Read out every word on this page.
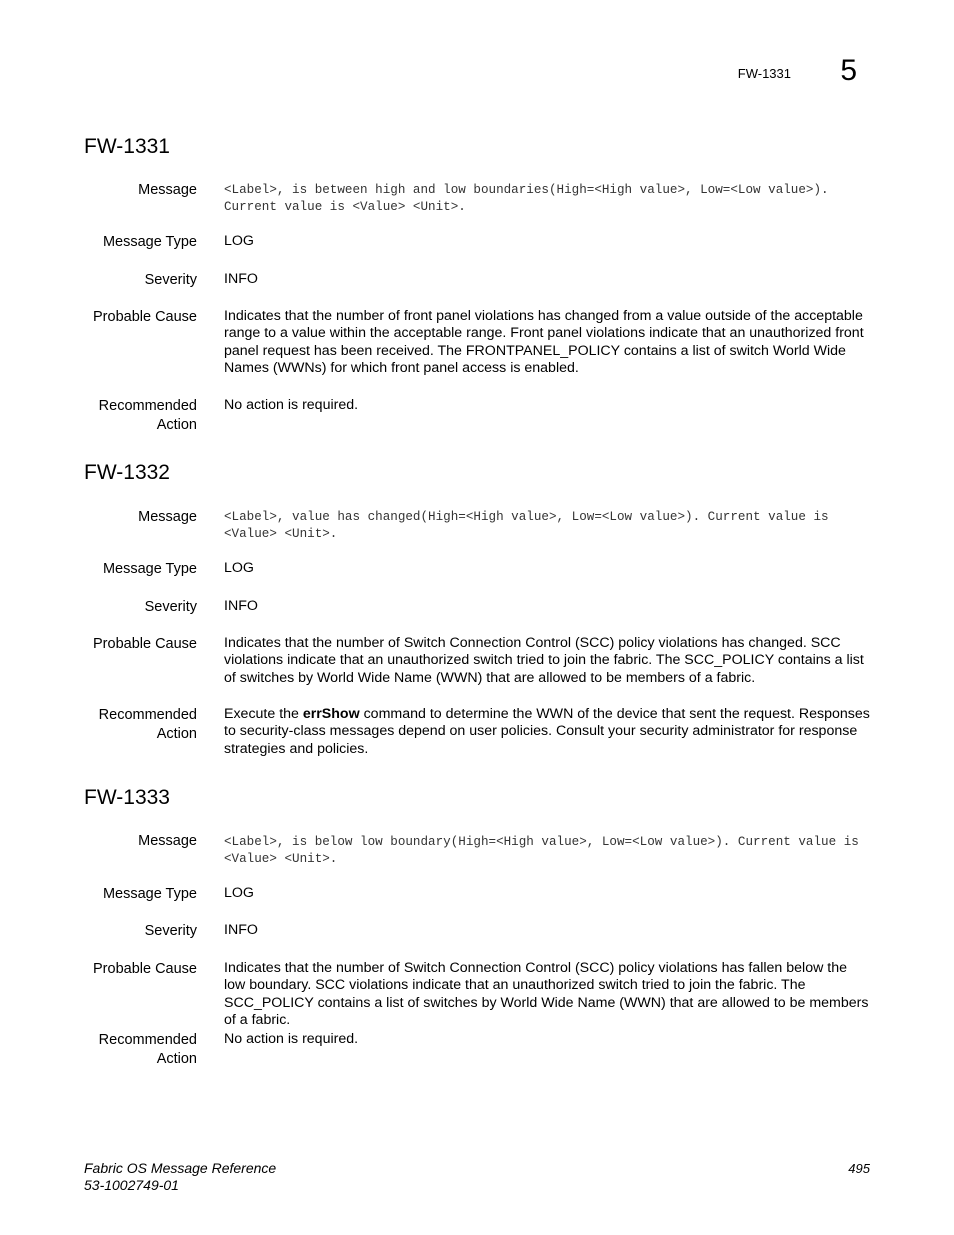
FW-1331 5
FW-1331
Message <Label>, is between high and low boundaries(High=<High value>, Low=<Low value>). Current value is <Value> <Unit>.
Message Type LOG
Severity INFO
Probable Cause Indicates that the number of front panel violations has changed from a value outside of the acceptable range to a value within the acceptable range. Front panel violations indicate that an unauthorized front panel request has been received. The FRONTPANEL_POLICY contains a list of switch World Wide Names (WWNs) for which front panel access is enabled.
Recommended
Action
No action is required.
FW-1332
Message <Label>, value has changed(High=<High value>, Low=<Low value>). Current value is <Value> <Unit>.
Message Type LOG
Severity INFO
Probable Cause Indicates that the number of Switch Connection Control (SCC) policy violations has changed. SCC violations indicate that an unauthorized switch tried to join the fabric. The SCC_POLICY contains a list of switches by World Wide Name (WWN) that are allowed to be members of a fabric.
Recommended
Action
Execute the errShow command to determine the WWN of the device that sent the request. Responses to security-class messages depend on user policies. Consult your security administrator for response strategies and policies.
FW-1333
Message <Label>, is below low boundary(High=<High value>, Low=<Low value>). Current value is <Value> <Unit>.
Message Type LOG
Severity INFO
Probable Cause Indicates that the number of Switch Connection Control (SCC) policy violations has fallen below the low boundary. SCC violations indicate that an unauthorized switch tried to join the fabric. The SCC_POLICY contains a list of switches by World Wide Name (WWN) that are allowed to be members of a fabric.
Recommended
Action
No action is required.
Fabric OS Message Reference
53-1002749-01
495
